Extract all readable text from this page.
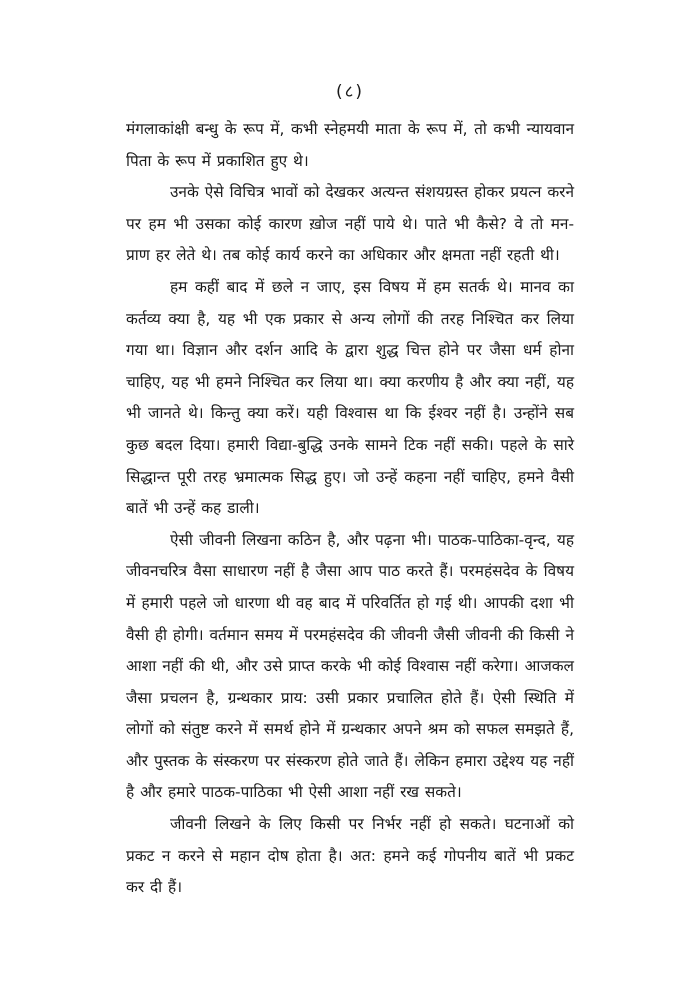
(८)

मंगलाकांक्षी बन्धु के रूप में, कभी स्नेहमयी माता के रूप में, तो कभी न्यायवान पिता के रूप में प्रकाशित हुए थे।

उनके ऐसे विचित्र भावों को देखकर अत्यन्त संशयग्रस्त होकर प्रयत्न करने पर हम भी उसका कोई कारण ख़ोज नहीं पाये थे। पाते भी कैसे? वे तो मन-प्राण हर लेते थे। तब कोई कार्य करने का अधिकार और क्षमता नहीं रहती थी।

हम कहीं बाद में छले न जाए, इस विषय में हम सतर्क थे। मानव का कर्तव्य क्या है, यह भी एक प्रकार से अन्य लोगों की तरह निश्चित कर लिया गया था। विज्ञान और दर्शन आदि के द्वारा शुद्ध चित्त होने पर जैसा धर्म होना चाहिए, यह भी हमने निश्चित कर लिया था। क्या करणीय है और क्या नहीं, यह भी जानते थे। किन्तु क्या करें। यही विश्वास था कि ईश्वर नहीं है। उन्होंने सब कुछ बदल दिया। हमारी विद्या-बुद्धि उनके सामने टिक नहीं सकी। पहले के सारे सिद्धान्त पूरी तरह भ्रमात्मक सिद्ध हुए। जो उन्हें कहना नहीं चाहिए, हमने वैसी बातें भी उन्हें कह डाली।

ऐसी जीवनी लिखना कठिन है, और पढ़ना भी। पाठक-पाठिका-वृन्द, यह जीवनचरित्र वैसा साधारण नहीं है जैसा आप पाठ करते हैं। परमहंसदेव के विषय में हमारी पहले जो धारणा थी वह बाद में परिवर्तित हो गई थी। आपकी दशा भी वैसी ही होगी। वर्तमान समय में परमहंसदेव की जीवनी जैसी जीवनी की किसी ने आशा नहीं की थी, और उसे प्राप्त करके भी कोई विश्वास नहीं करेगा। आजकल जैसा प्रचलन है, ग्रन्थकार प्राय: उसी प्रकार प्रचालित होते हैं। ऐसी स्थिति में लोगों को संतुष्ट करने में समर्थ होने में ग्रन्थकार अपने श्रम को सफल समझते हैं, और पुस्तक के संस्करण पर संस्करण होते जाते हैं। लेकिन हमारा उद्देश्य यह नहीं है और हमारे पाठक-पाठिका भी ऐसी आशा नहीं रख सकते।

जीवनी लिखने के लिए किसी पर निर्भर नहीं हो सकते। घटनाओं को प्रकट न करने से महान दोष होता है। अत: हमने कई गोपनीय बातें भी प्रकट कर दी हैं।
